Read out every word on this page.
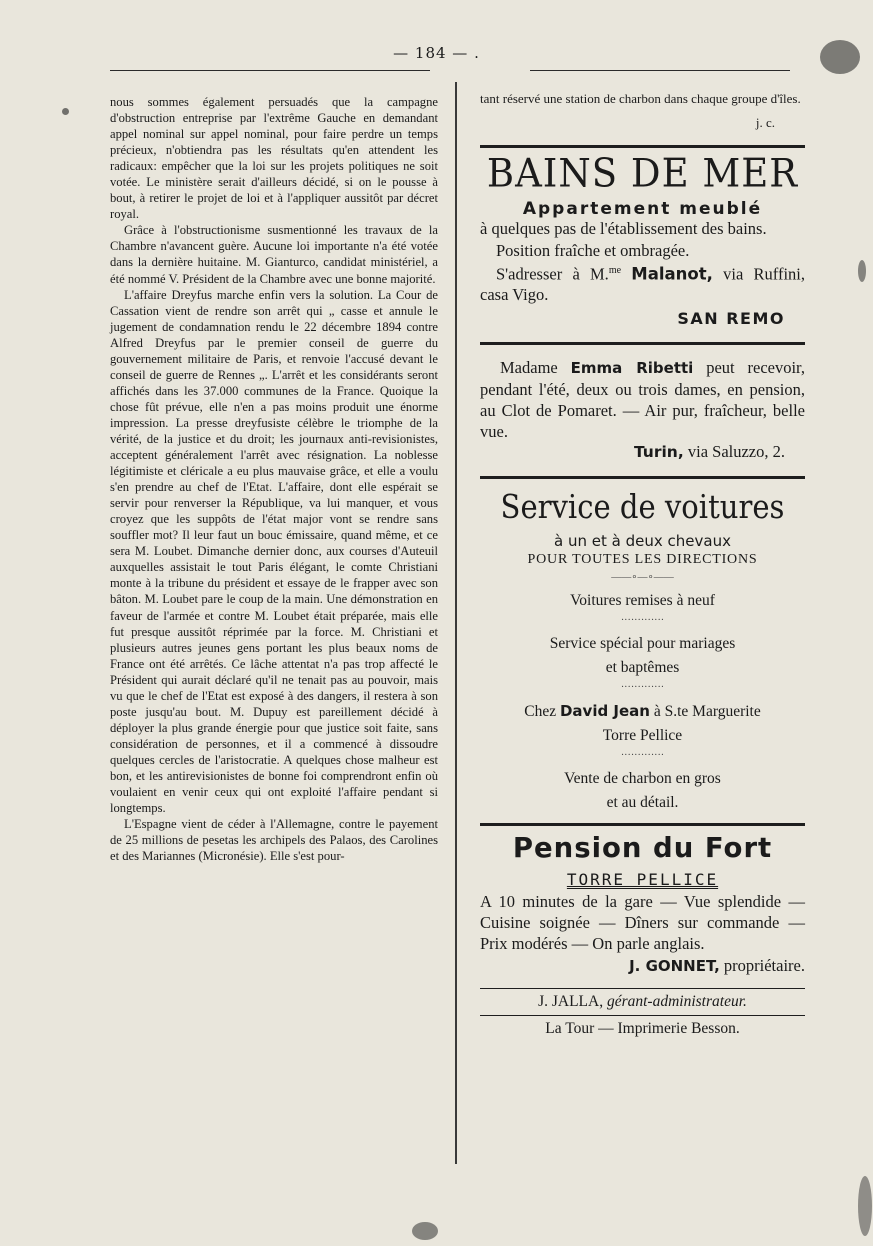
— 184 — .

nous sommes également persuadés que la campagne d'obstruction entreprise par l'extrême Gauche en demandant appel nominal sur appel nominal, pour faire perdre un temps précieux, n'obtiendra pas les résultats qu'en attendent les radicaux: empêcher que la loi sur les projets politiques ne soit votée. Le ministère serait d'ailleurs décidé, si on le pousse à bout, à retirer le projet de loi et à l'appliquer aussitôt par décret royal.

Grâce à l'obstructionisme susmentionné les travaux de la Chambre n'avancent guère. Aucune loi importante n'a été votée dans la dernière huitaine. M. Gianturco, candidat ministériel, a été nommé V. Président de la Chambre avec une bonne majorité.

L'affaire Dreyfus marche enfin vers la solution. La Cour de Cassation vient de rendre son arrêt qui „ casse et annule le jugement de condamnation rendu le 22 décembre 1894 contre Alfred Dreyfus par le premier conseil de guerre du gouvernement militaire de Paris, et renvoie l'accusé devant le conseil de guerre de Rennes „. L'arrêt et les considérants seront affichés dans les 37.000 communes de la France. Quoique la chose fût prévue, elle n'en a pas moins produit une énorme impression. La presse dreyfusiste célèbre le triomphe de la vérité, de la justice et du droit; les journaux anti-revisionistes, acceptent généralement l'arrêt avec résignation. La noblesse légitimiste et cléricale a eu plus mauvaise grâce, et elle a voulu s'en prendre au chef de l'Etat. L'affaire, dont elle espérait se servir pour renverser la République, va lui manquer, et vous croyez que les suppôts de l'état major vont se rendre sans souffler mot? Il leur faut un bouc émissaire, quand même, et ce sera M. Loubet. Dimanche dernier donc, aux courses d'Auteuil auxquelles assistait le tout Paris élégant, le comte Christiani monte à la tribune du président et essaye de le frapper avec son bâton. M. Loubet pare le coup de la main. Une démonstration en faveur de l'armée et contre M. Loubet était préparée, mais elle fut presque aussitôt réprimée par la force. M. Christiani et plusieurs autres jeunes gens portant les plus beaux noms de France ont été arrêtés. Ce lâche attentat n'a pas trop affecté le Président qui aurait déclaré qu'il ne tenait pas au pouvoir, mais vu que le chef de l'Etat est exposé à des dangers, il restera à son poste jusqu'au bout. M. Dupuy est pareillement décidé à déployer la plus grande énergie pour que justice soit faite, sans considération de personnes, et il a commencé à dissoudre quelques cercles de l'aristocratie. A quelques chose malheur est bon, et les antirevisionistes de bonne foi comprendront enfin où voulaient en venir ceux qui ont exploité l'affaire pendant si longtemps.

L'Espagne vient de céder à l'Allemagne, contre le payement de 25 millions de pesetas les archipels des Palaos, des Carolines et des Mariannes (Micronésie). Elle s'est pour-

tant réservé une station de charbon dans chaque groupe d'îles.

j. c.
BAINS DE MER
Appartement meublé

à quelques pas de l'établissement des bains.

Position fraîche et ombragée.

S'adresser à M.$^{me}$ Malanot, via Ruffini, casa Vigo.

SAN REMO

Madame Emma Ribetti peut recevoir, pendant l'été, deux ou trois dames, en pension, au Clot de Pomaret. — Air pur, fraîcheur, belle vue.

Turin, via Saluzzo, 2.
Service de voitures
à un et à deux chevaux
POUR TOUTES LES DIRECTIONS
——∘—∘——
Voitures remises à neuf
·············
Service spécial pour mariages
et baptêmes
·············
Chez David Jean à S.te Marguerite
Torre Pellice
·············
Vente de charbon en gros
et au détail.
Pension du Fort
TORRE PELLICE

A 10 minutes de la gare — Vue splendide — Cuisine soignée — Dîners sur commande — Prix modérés — On parle anglais.

J. GONNET, propriétaire.
J. JALLA, gérant-administrateur.
La Tour — Imprimerie Besson.
